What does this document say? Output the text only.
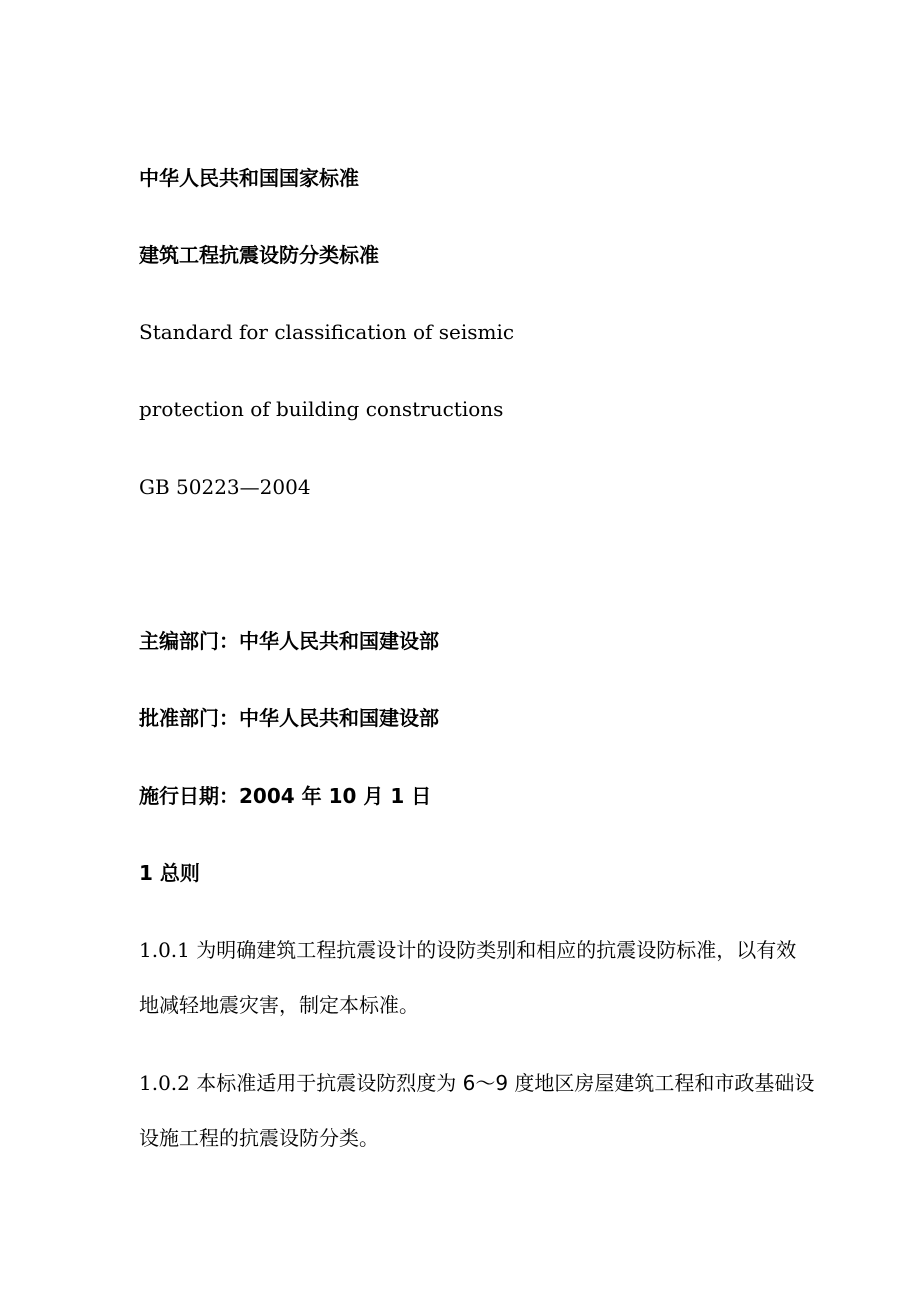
中华人民共和国国家标准
建筑工程抗震设防分类标准
Standard for classification of seismic
protection of building constructions
GB 50223—2004
主编部门：中华人民共和国建设部
批准部门：中华人民共和国建设部
施行日期：2004 年 10 月 1 日
1 总则
1.0.1 为明确建筑工程抗震设计的设防类别和相应的抗震设防标准，以有效
地减轻地震灾害，制定本标准。
1.0.2 本标准适用于抗震设防烈度为 6～9 度地区房屋建筑工程和市政基础设
设施工程的抗震设防分类。
